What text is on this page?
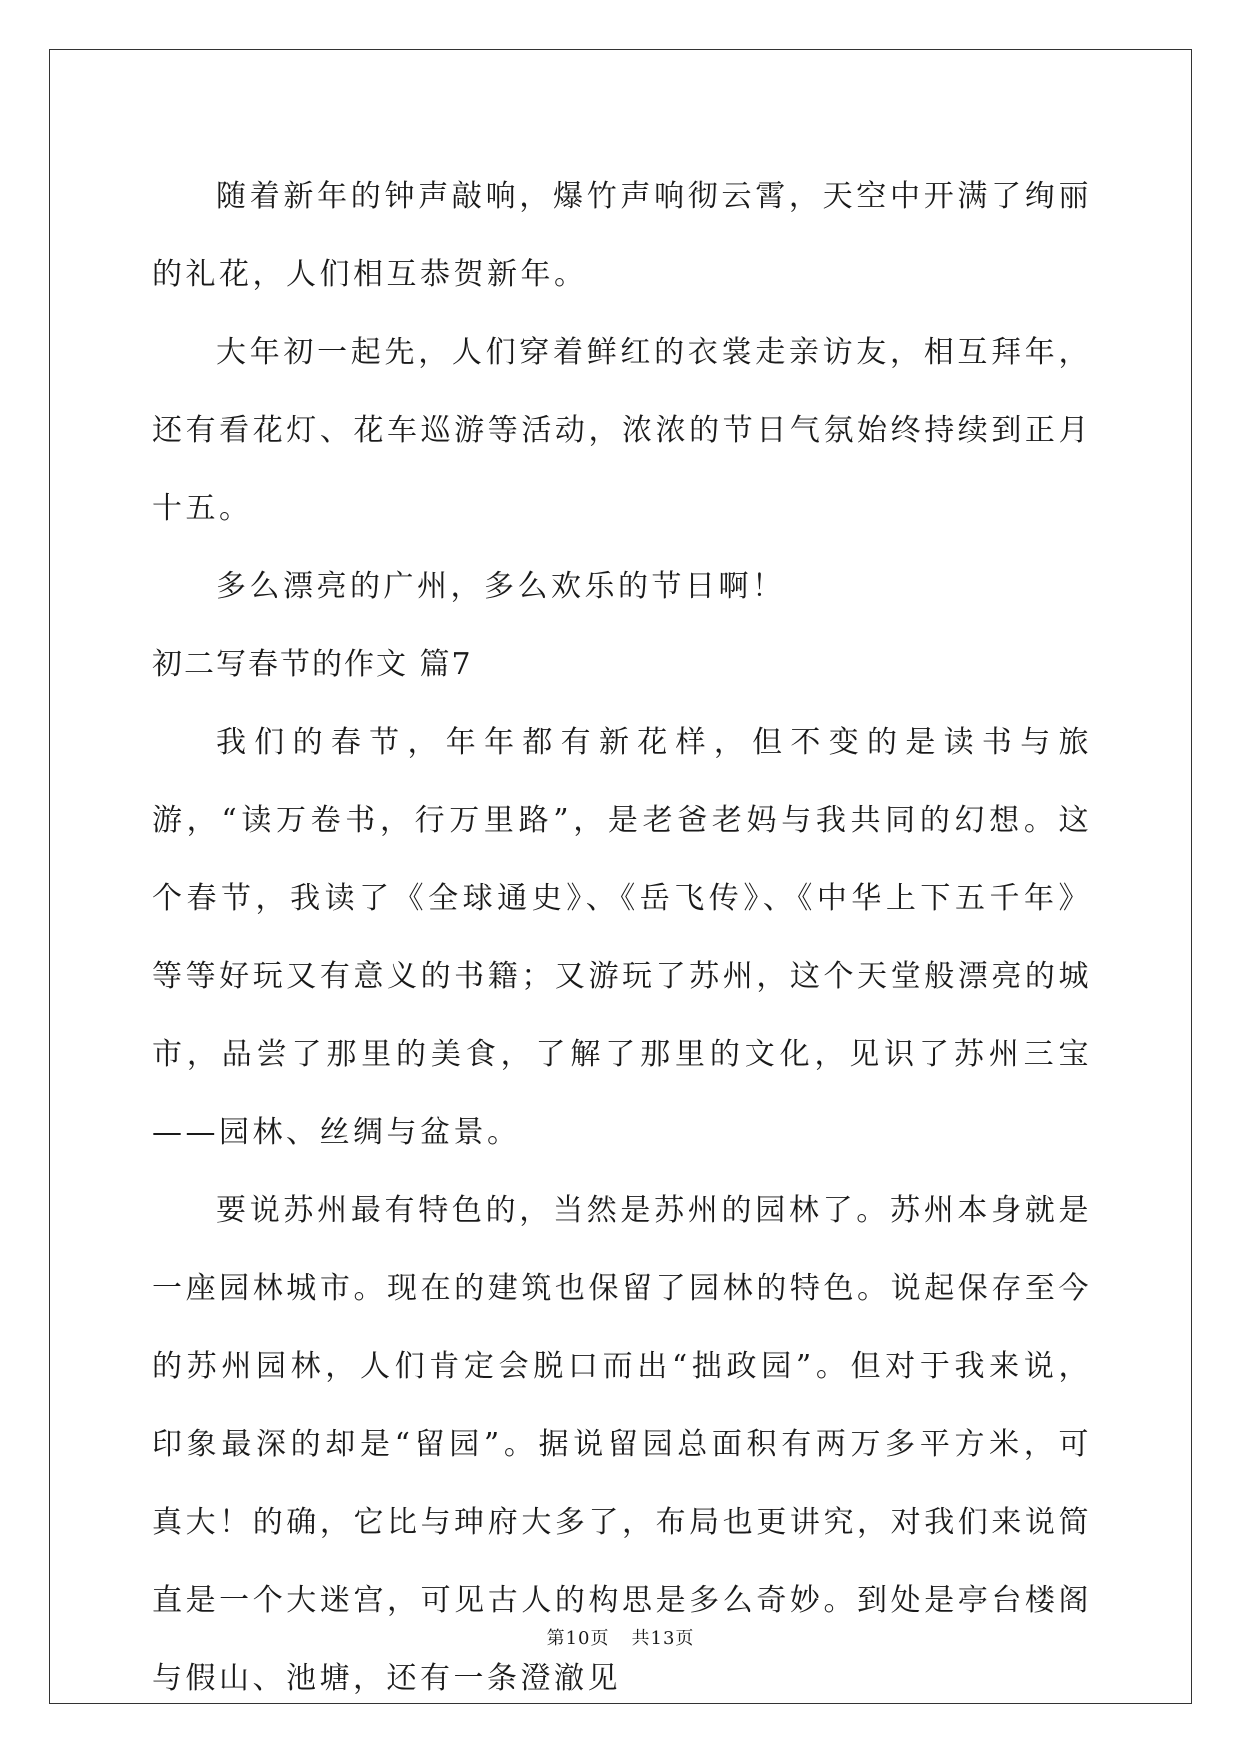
随着新年的钟声敲响，爆竹声响彻云霄，天空中开满了绚丽的礼花，人们相互恭贺新年。

大年初一起先，人们穿着鲜红的衣裳走亲访友，相互拜年，还有看花灯、花车巡游等活动，浓浓的节日气氛始终持续到正月十五。

多么漂亮的广州，多么欢乐的节日啊！

初二写春节的作文 篇7

我们的春节，年年都有新花样，但不变的是读书与旅游，“读万卷书，行万里路”，是老爸老妈与我共同的幻想。这个春节，我读了《全球通史》、《岳飞传》、《中华上下五千年》等等好玩又有意义的书籍；又游玩了苏州，这个天堂般漂亮的城市，品尝了那里的美食，了解了那里的文化，见识了苏州三宝——园林、丝绸与盆景。

要说苏州最有特色的，当然是苏州的园林了。苏州本身就是一座园林城市。现在的建筑也保留了园林的特色。说起保存至今的苏州园林，人们肯定会脱口而出“拙政园”。但对于我来说，印象最深的却是“留园”。据说留园总面积有两万多平方米，可真大！的确，它比与珅府大多了，布局也更讲究，对我们来说简直是一个大迷宫，可见古人的构思是多么奇妙。到处是亭台楼阁与假山、池塘，还有一条澄澈见

第10页 共13页
